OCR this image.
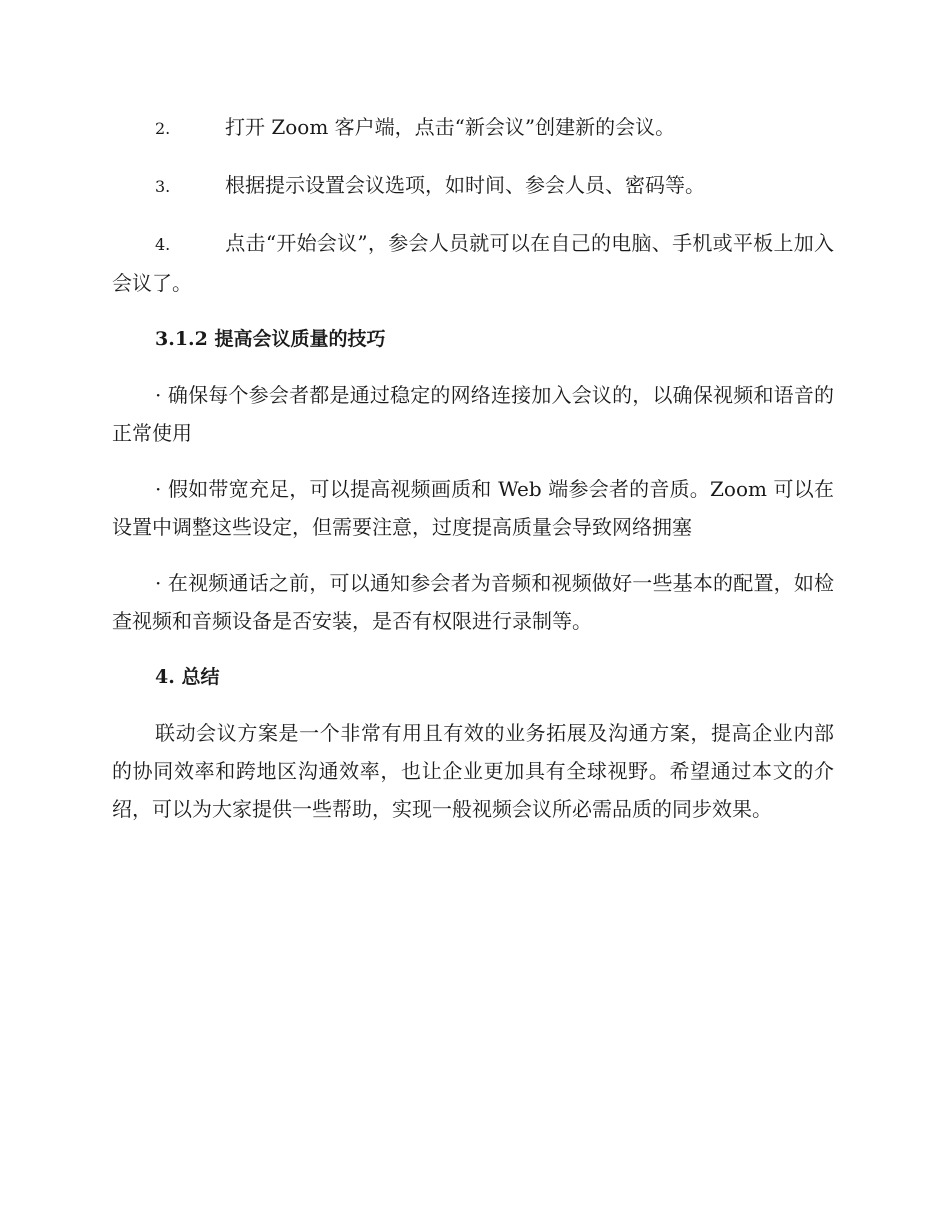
2.	打开 Zoom 客户端，点击“新会议”创建新的会议。
3.	根据提示设置会议选项，如时间、参会人员、密码等。
4.	点击“开始会议”，参会人员就可以在自己的电脑、手机或平板上加入会议了。
3.1.2 提高会议质量的技巧
· 确保每个参会者都是通过稳定的网络连接加入会议的，以确保视频和语音的正常使用
· 假如带宽充足，可以提高视频画质和 Web 端参会者的音质。Zoom 可以在设置中调整这些设定，但需要注意，过度提高质量会导致网络拥塞
· 在视频通话之前，可以通知参会者为音频和视频做好一些基本的配置，如检查视频和音频设备是否安装，是否有权限进行录制等。
4. 总结
联动会议方案是一个非常有用且有效的业务拓展及沟通方案，提高企业内部的协同效率和跨地区沟通效率，也让企业更加具有全球视野。希望通过本文的介绍，可以为大家提供一些帮助，实现一般视频会议所必需品质的同步效果。
